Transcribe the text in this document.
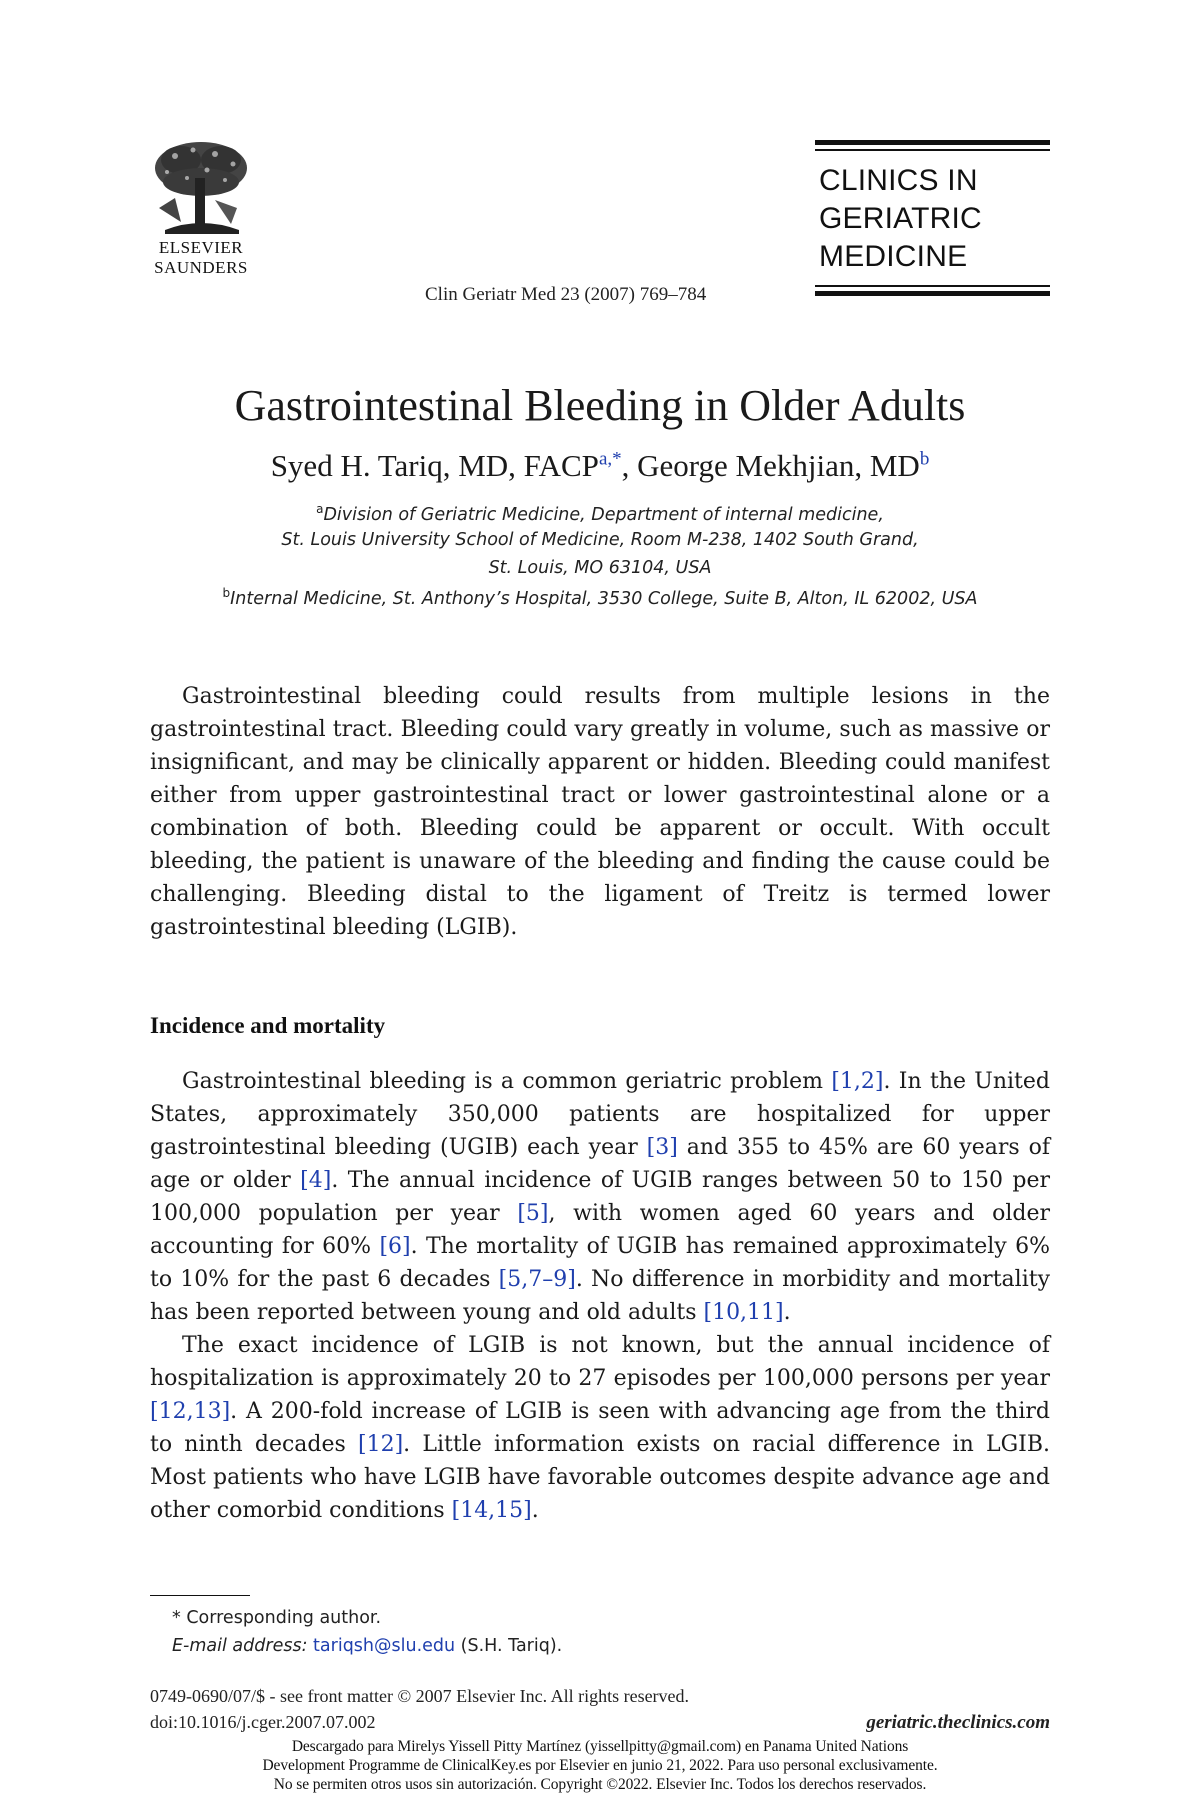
ELSEVIER
SAUNDERS
Clin Geriatr Med 23 (2007) 769–784
CLINICS IN
GERIATRIC
MEDICINE
Gastrointestinal Bleeding in Older Adults
Syed H. Tariq, MD, FACP$^{a,*}$, George Mekhjian, MD$^b$
$^a$Division of Geriatric Medicine, Department of internal medicine,
St. Louis University School of Medicine, Room M-238, 1402 South Grand,
St. Louis, MO 63104, USA
$^b$Internal Medicine, St. Anthony’s Hospital, 3530 College, Suite B, Alton, IL 62002, USA

Gastrointestinal bleeding could results from multiple lesions in the gastrointestinal tract. Bleeding could vary greatly in volume, such as massive or insignificant, and may be clinically apparent or hidden. Bleeding could manifest either from upper gastrointestinal tract or lower gastrointestinal alone or a combination of both. Bleeding could be apparent or occult. With occult bleeding, the patient is unaware of the bleeding and finding the cause could be challenging. Bleeding distal to the ligament of Treitz is termed lower gastrointestinal bleeding (LGIB).

Incidence and mortality

Gastrointestinal bleeding is a common geriatric problem [1,2]. In the United States, approximately 350,000 patients are hospitalized for upper gastrointestinal bleeding (UGIB) each year [3] and 355 to 45% are 60 years of age or older [4]. The annual incidence of UGIB ranges between 50 to 150 per 100,000 population per year [5], with women aged 60 years and older accounting for 60% [6]. The mortality of UGIB has remained approximately 6% to 10% for the past 6 decades [5,7–9]. No difference in morbidity and mortality has been reported between young and old adults [10,11].

The exact incidence of LGIB is not known, but the annual incidence of hospitalization is approximately 20 to 27 episodes per 100,000 persons per year [12,13]. A 200-fold increase of LGIB is seen with advancing age from the third to ninth decades [12]. Little information exists on racial difference in LGIB. Most patients who have LGIB have favorable outcomes despite advance age and other comorbid conditions [14,15].

* Corresponding author.
E-mail address: tariqsh@slu.edu (S.H. Tariq).
0749-0690/07/$ - see front matter © 2007 Elsevier Inc. All rights reserved.
doi:10.1016/j.cger.2007.07.002	geriatric.theclinics.com
Descargado para Mirelys Yissell Pitty Martínez (yissellpitty@gmail.com) en Panama United Nations
Development Programme de ClinicalKey.es por Elsevier en junio 21, 2022. Para uso personal exclusivamente.
No se permiten otros usos sin autorización. Copyright ©2022. Elsevier Inc. Todos los derechos reservados.
